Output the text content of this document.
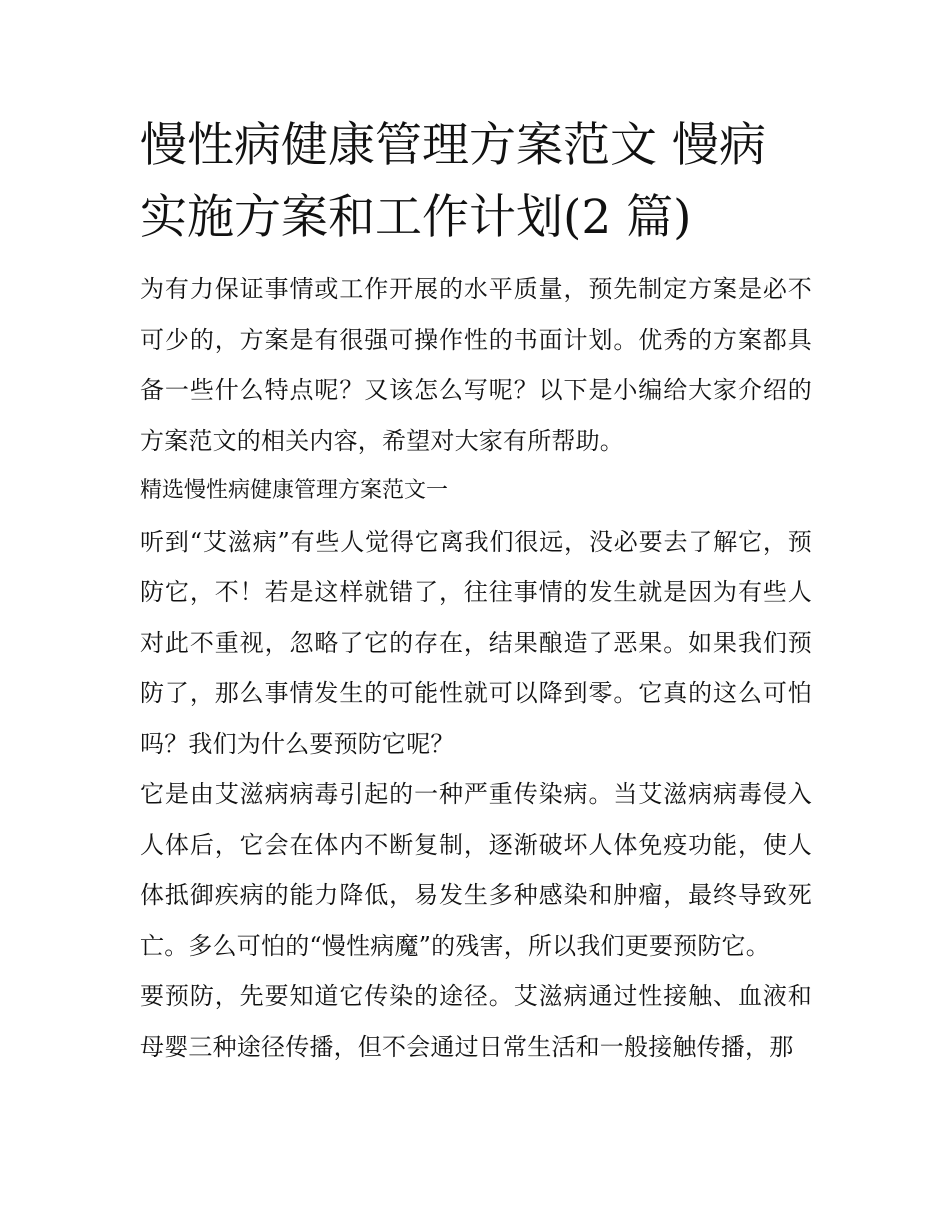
慢性病健康管理方案范文 慢病实施方案和工作计划(2 篇)

为有力保证事情或工作开展的水平质量，预先制定方案是必不可少的，方案是有很强可操作性的书面计划。优秀的方案都具备一些什么特点呢？又该怎么写呢？以下是小编给大家介绍的方案范文的相关内容，希望对大家有所帮助。

精选慢性病健康管理方案范文一

听到“艾滋病”有些人觉得它离我们很远，没必要去了解它，预防它，不！若是这样就错了，往往事情的发生就是因为有些人对此不重视，忽略了它的存在，结果酿造了恶果。如果我们预防了，那么事情发生的可能性就可以降到零。它真的这么可怕吗？我们为什么要预防它呢？

它是由艾滋病病毒引起的一种严重传染病。当艾滋病病毒侵入人体后，它会在体内不断复制，逐渐破坏人体免疫功能，使人体抵御疾病的能力降低，易发生多种感染和肿瘤，最终导致死亡。多么可怕的“慢性病魔”的残害，所以我们更要预防它。

要预防，先要知道它传染的途径。艾滋病通过性接触、血液和母婴三种途径传播，但不会通过日常生活和一般接触传播，那
